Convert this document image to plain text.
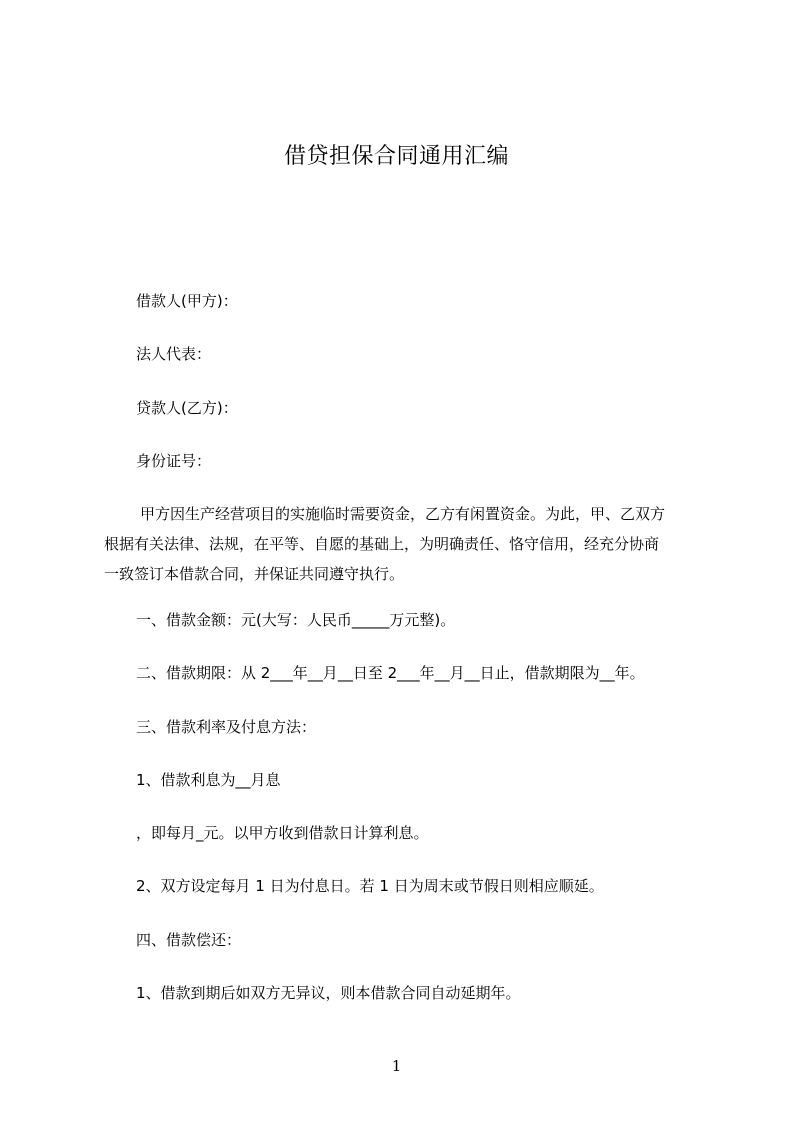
借贷担保合同通用汇编
借款人(甲方)：
法人代表：
贷款人(乙方)：
身份证号：
甲方因生产经营项目的实施临时需要资金，乙方有闲置资金。为此，甲、乙双方
根据有关法律、法规，在平等、自愿的基础上，为明确责任、恪守信用，经充分协商
一致签订本借款合同，并保证共同遵守执行。
一、借款金额：元(大写：人民币_____万元整)。
二、借款期限：从 2___年__月__日至 2___年__月__日止，借款期限为__年。
三、借款利率及付息方法：
1、借款利息为__月息
，即每月_元。以甲方收到借款日计算利息。
2、双方设定每月 1 日为付息日。若 1 日为周末或节假日则相应顺延。
四、借款偿还：
1、借款到期后如双方无异议，则本借款合同自动延期年。
1
